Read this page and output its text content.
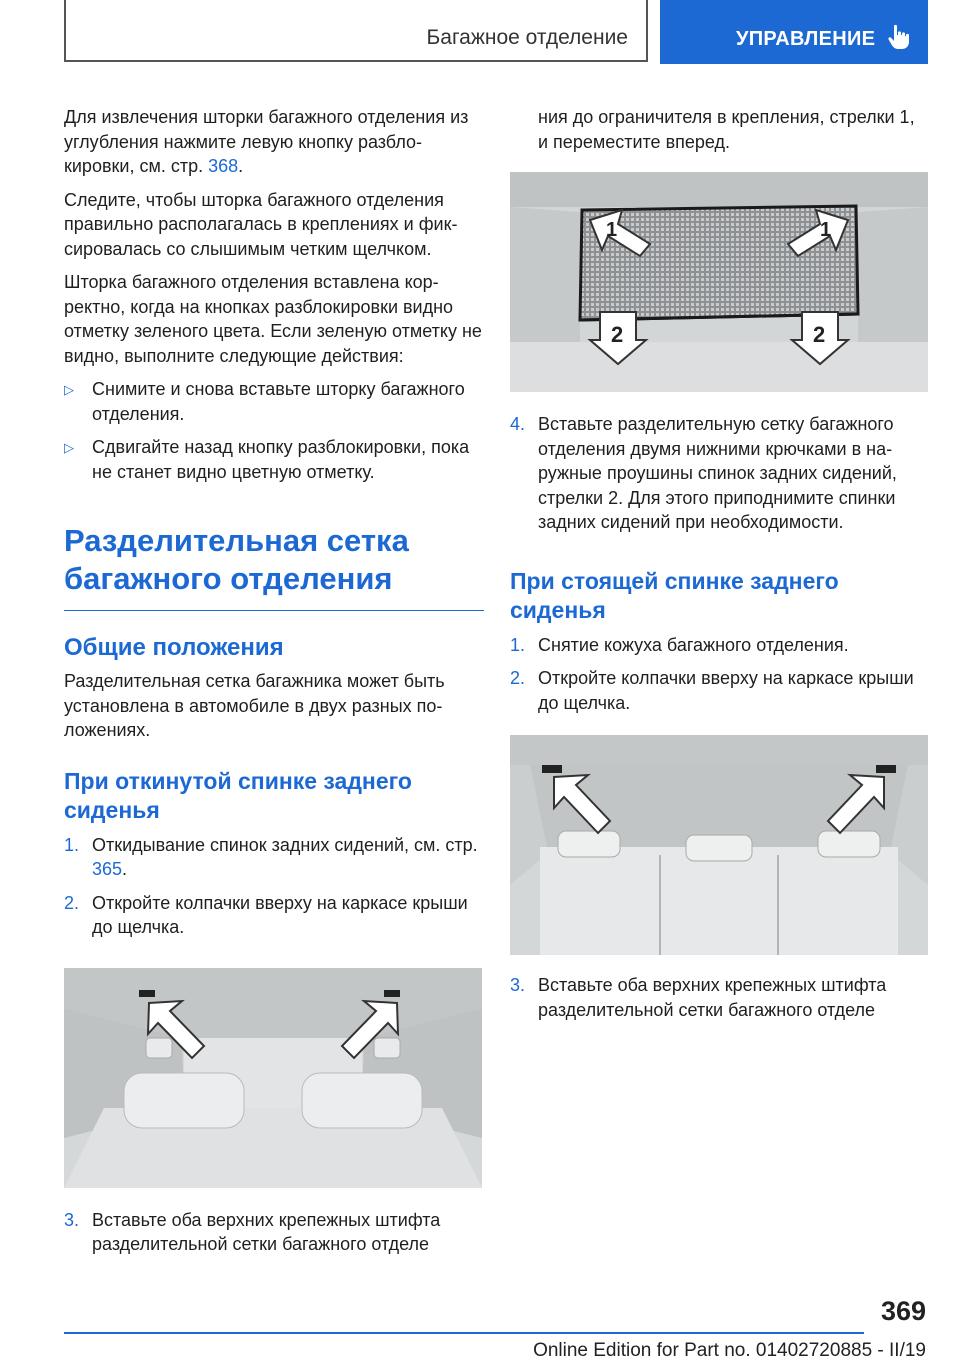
Багажное отделение	УПРАВЛЕНИЕ

Для извлечения шторки багажного отделения из углубления нажмите левую кнопку разблокировки, см. стр. 368.

Следите, чтобы шторка багажного отделения правильно располагалась в креплениях и фиксировалась со слышимым четким щелчком.

Шторка багажного отделения вставлена корректно, когда на кнопках разблокировки видно отметку зеленого цвета. Если зеленую отметку не видно, выполните следующие действия:

▷	Снимите и снова вставьте шторку багажного отделения.
▷	Сдвигайте назад кнопку разблокировки, пока не станет видно цветную отметку.
Разделительная сетка багажного отделения
Общие положения

Разделительная сетка багажника может быть установлена в автомобиле в двух разных положениях.

При откинутой спинке заднего сиденья
1. Откидывание спинок задних сидений, см. стр. 365.
2. Откройте колпачки вверху на каркасе крыши до щелчка.
3. Вставьте оба верхних крепежных штифта разделительной сетки багажного отделе

ния до ограничителя в крепления, стрелки 1, и переместите вперед.

1	1
2	2
4. Вставьте разделительную сетку багажного отделения двумя нижними крючками в наружные проушины спинок задних сидений, стрелки 2. Для этого приподнимите спинки задних сидений при необходимости.
При стоящей спинке заднего сиденья
1. Снятие кожуха багажного отделения.
2. Откройте колпачки вверху на каркасе крыши до щелчка.
3. Вставьте оба верхних крепежных штифта разделительной сетки багажного отделе
369
Online Edition for Part no. 01402720885 - II/19
